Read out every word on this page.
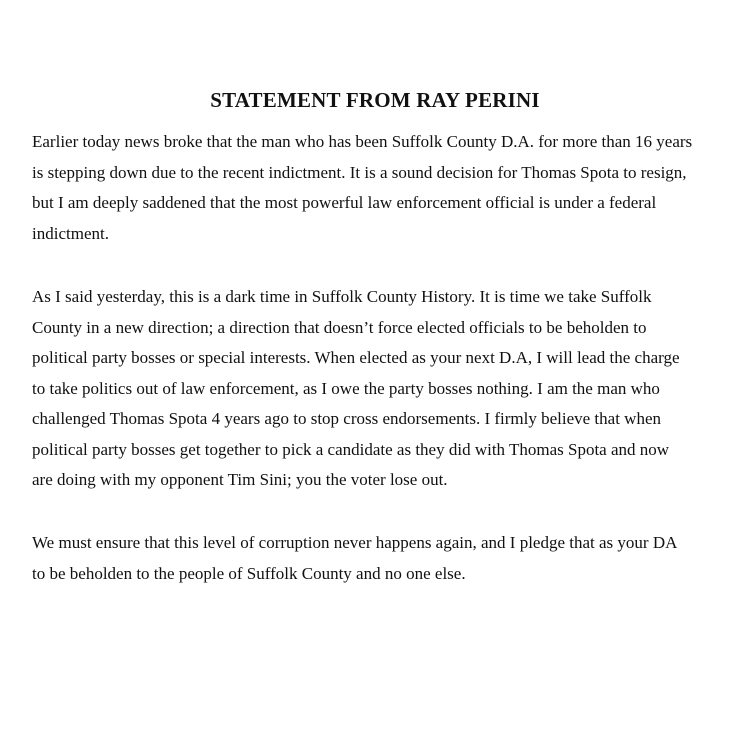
STATEMENT FROM RAY PERINI
Earlier today news broke that the man who has been Suffolk County D.A. for more than 16 years
is stepping down due to the recent indictment. It is a sound decision for Thomas Spota to resign,
but I am deeply saddened that the most powerful law enforcement official is under a federal
indictment.
As I said yesterday, this is a dark time in Suffolk County History. It is time we take Suffolk
County in a new direction; a direction that doesn’t force elected officials to be beholden to
political party bosses or special interests. When elected as your next D.A, I will lead the charge
to take politics out of law enforcement, as I owe the party bosses nothing. I am the man who
challenged Thomas Spota 4 years ago to stop cross endorsements. I firmly believe that when
political party bosses get together to pick a candidate as they did with Thomas Spota and now
are doing with my opponent Tim Sini; you the voter lose out.
We must ensure that this level of corruption never happens again, and I pledge that as your DA
to be beholden to the people of Suffolk County and no one else.
